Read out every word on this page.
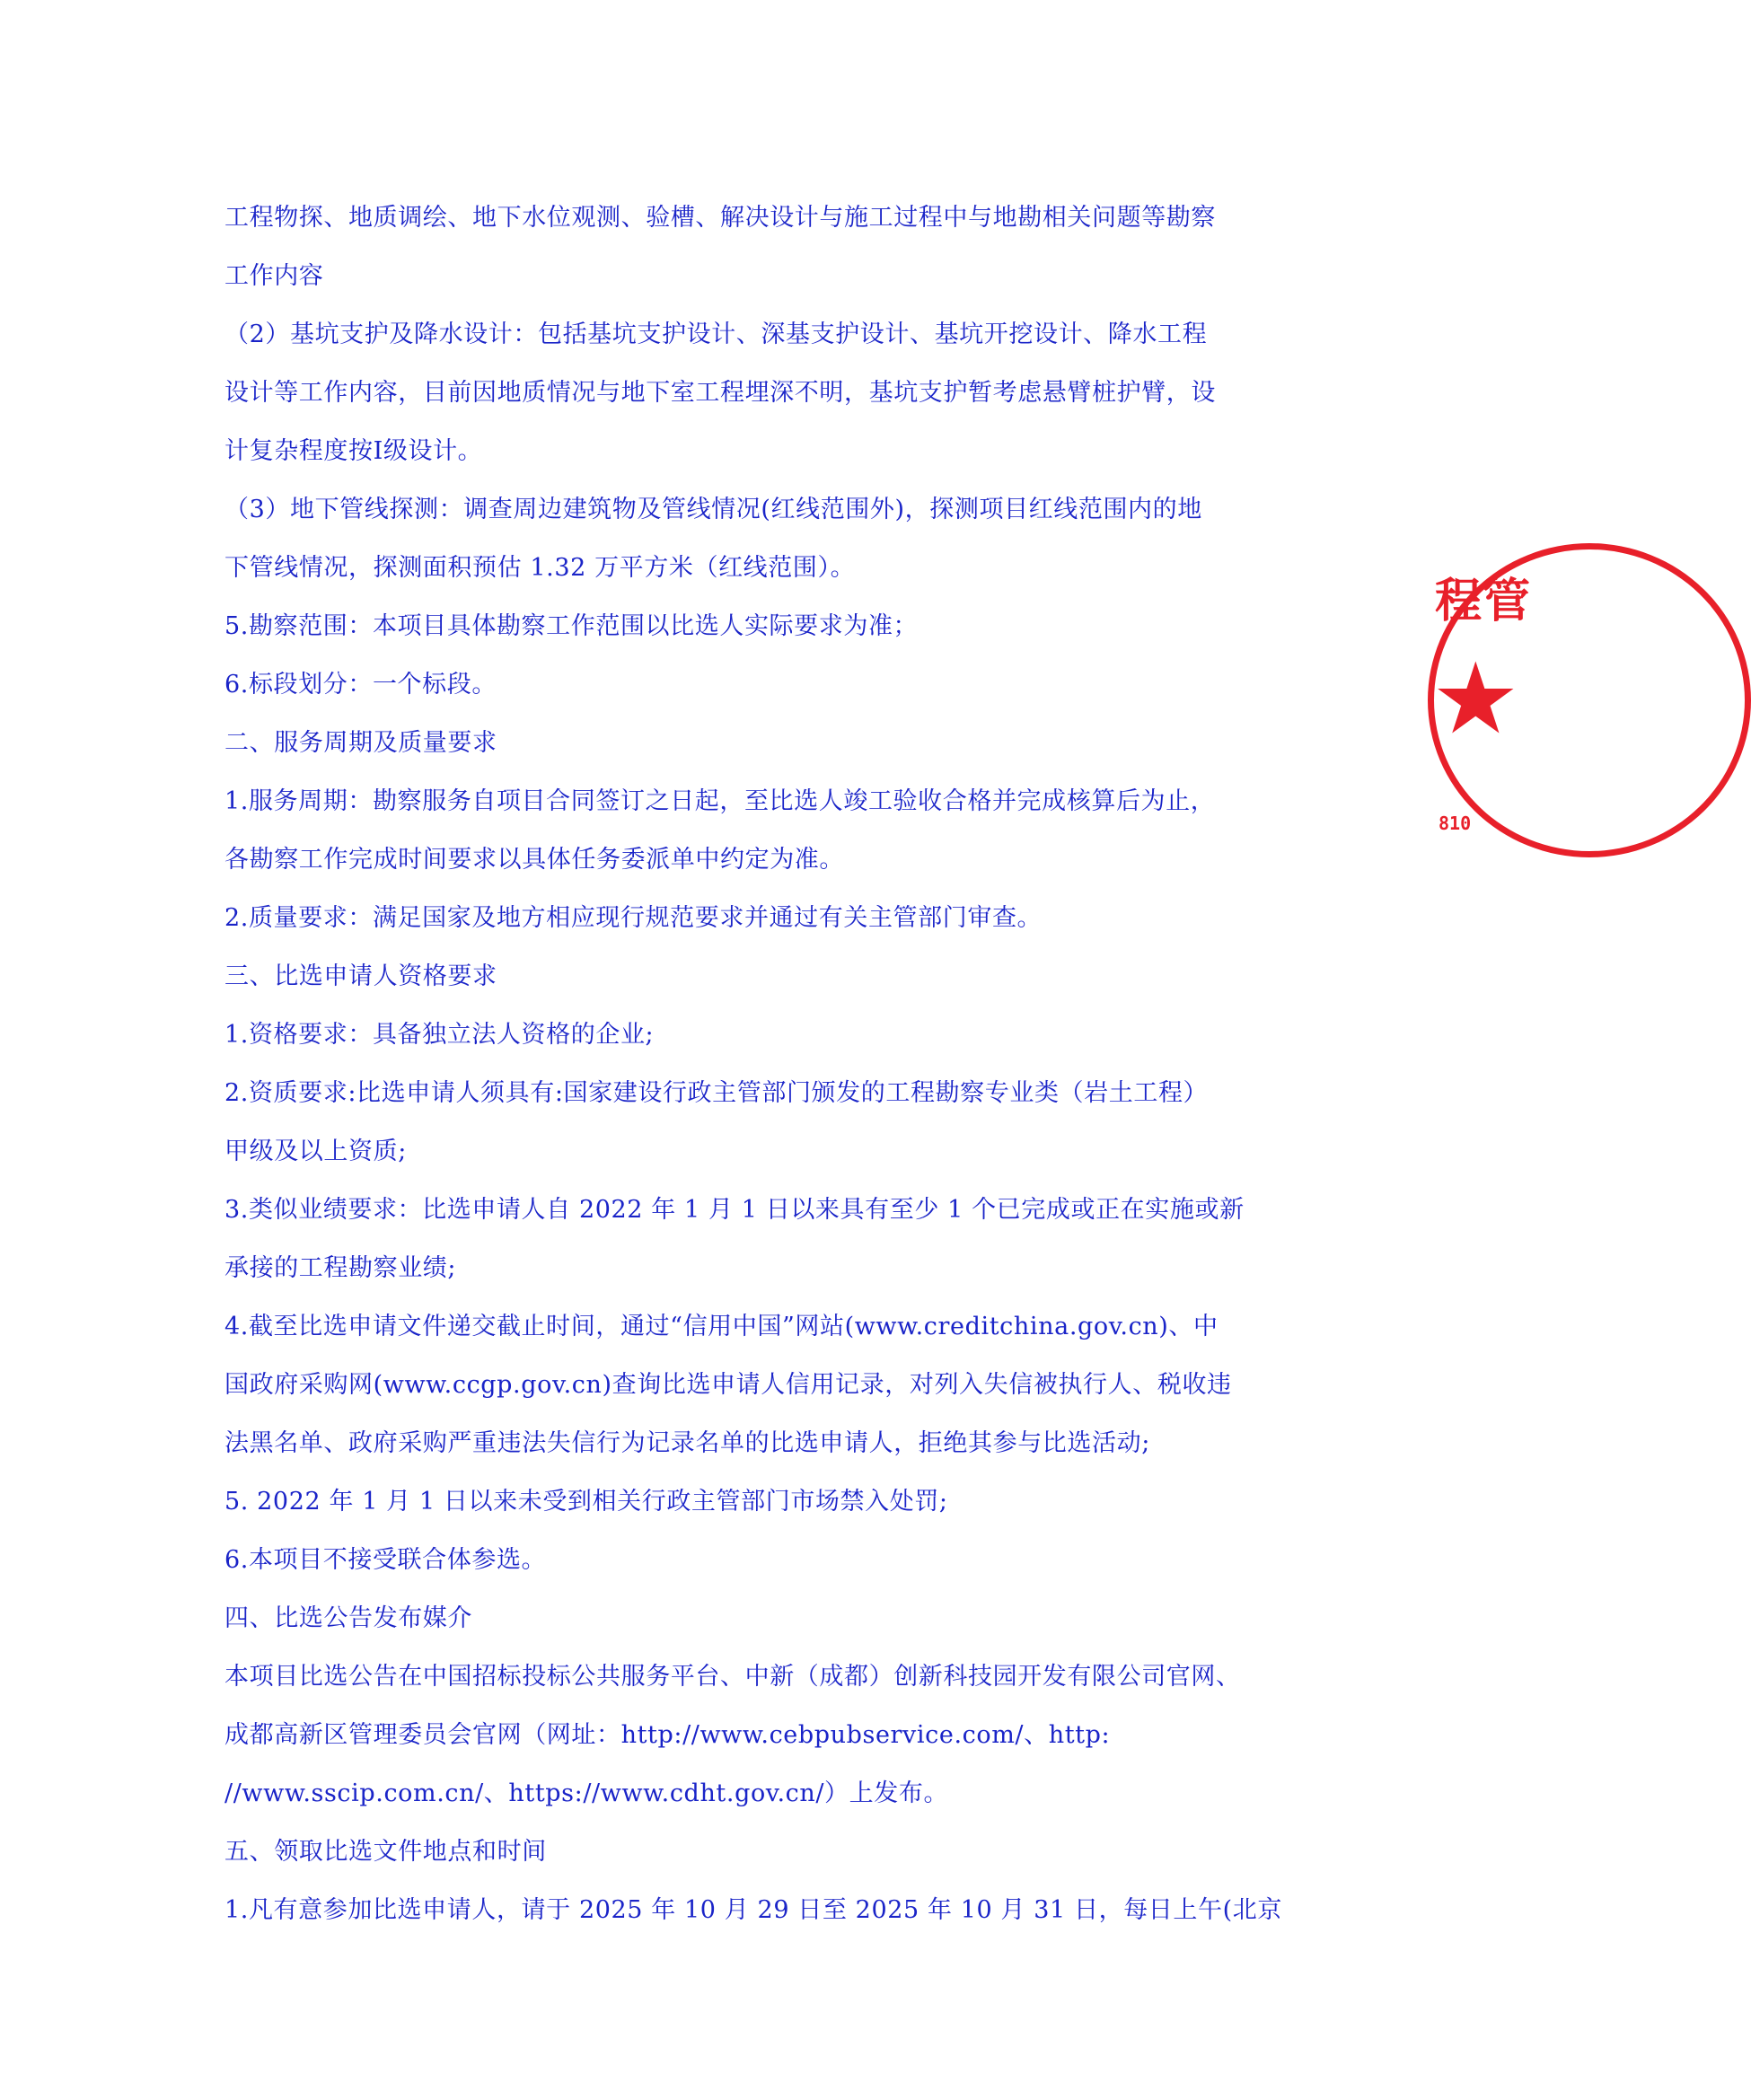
工程物探、地质调绘、地下水位观测、验槽、解决设计与施工过程中与地勘相关问题等勘察
工作内容
（2）基坑支护及降水设计：包括基坑支护设计、深基支护设计、基坑开挖设计、降水工程
设计等工作内容，目前因地质情况与地下室工程埋深不明，基坑支护暂考虑悬臂桩护臂，设
计复杂程度按Ⅰ级设计。
（3）地下管线探测：调查周边建筑物及管线情况(红线范围外)，探测项目红线范围内的地
下管线情况，探测面积预估 1.32 万平方米（红线范围）。
5.勘察范围：本项目具体勘察工作范围以比选人实际要求为准；
6.标段划分：一个标段。
二、服务周期及质量要求
1.服务周期：勘察服务自项目合同签订之日起，至比选人竣工验收合格并完成核算后为止，
各勘察工作完成时间要求以具体任务委派单中约定为准。
2.质量要求：满足国家及地方相应现行规范要求并通过有关主管部门审查。
三、比选申请人资格要求
1.资格要求：具备独立法人资格的企业;
2.资质要求:比选申请人须具有:国家建设行政主管部门颁发的工程勘察专业类（岩土工程）
甲级及以上资质;
3.类似业绩要求：比选申请人自 2022 年 1 月 1 日以来具有至少 1 个已完成或正在实施或新
承接的工程勘察业绩;
4.截至比选申请文件递交截止时间，通过“信用中国”网站(www.creditchina.gov.cn)、中
国政府采购网(www.ccgp.gov.cn)查询比选申请人信用记录，对列入失信被执行人、税收违
法黑名单、政府采购严重违法失信行为记录名单的比选申请人，拒绝其参与比选活动;
5. 2022 年 1 月 1 日以来未受到相关行政主管部门市场禁入处罚;
6.本项目不接受联合体参选。
四、比选公告发布媒介
本项目比选公告在中国招标投标公共服务平台、中新（成都）创新科技园开发有限公司官网、
成都高新区管理委员会官网（网址：http://www.cebpubservice.com/、http:
//www.sscip.com.cn/、https://www.cdht.gov.cn/）上发布。
五、领取比选文件地点和时间
1.凡有意参加比选申请人，请于 2025 年 10 月 29 日至 2025 年 10 月 31 日，每日上午(北京
程管
★
810
